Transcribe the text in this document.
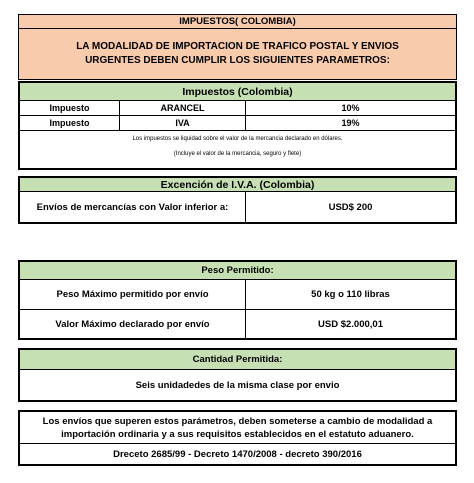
IMPUESTOS( COLOMBIA)
LA MODALIDAD DE IMPORTACION DE TRAFICO POSTAL Y ENVIOS URGENTES DEBEN CUMPLIR LOS SIGUIENTES PARAMETROS:
Impuestos (Colombia)
Impuesto	ARANCEL	10%
Impuesto	IVA	19%
Los impuestos se liquidad sobre el valor de la mercancia declarado en dólares.
(Incluye el valor de la mercancia, seguro y flete)
Excención de I.V.A. (Colombia)
Envíos de mercancías con Valor inferior a:	USD$ 200
Peso Permitido:
Peso Máximo permitido por envío	50 kg o 110 libras
Valor Máximo declarado por envío	USD $2.000,01
Cantidad Permitida:
Seis unidadedes de la misma clase por envio
Los envíos que superen estos parámetros, deben someterse a cambio de modalidad a importación ordinaria y a sus requisitos establecidos en el estatuto aduanero.
Dreceto 2685/99 - Decreto 1470/2008 - decreto 390/2016
